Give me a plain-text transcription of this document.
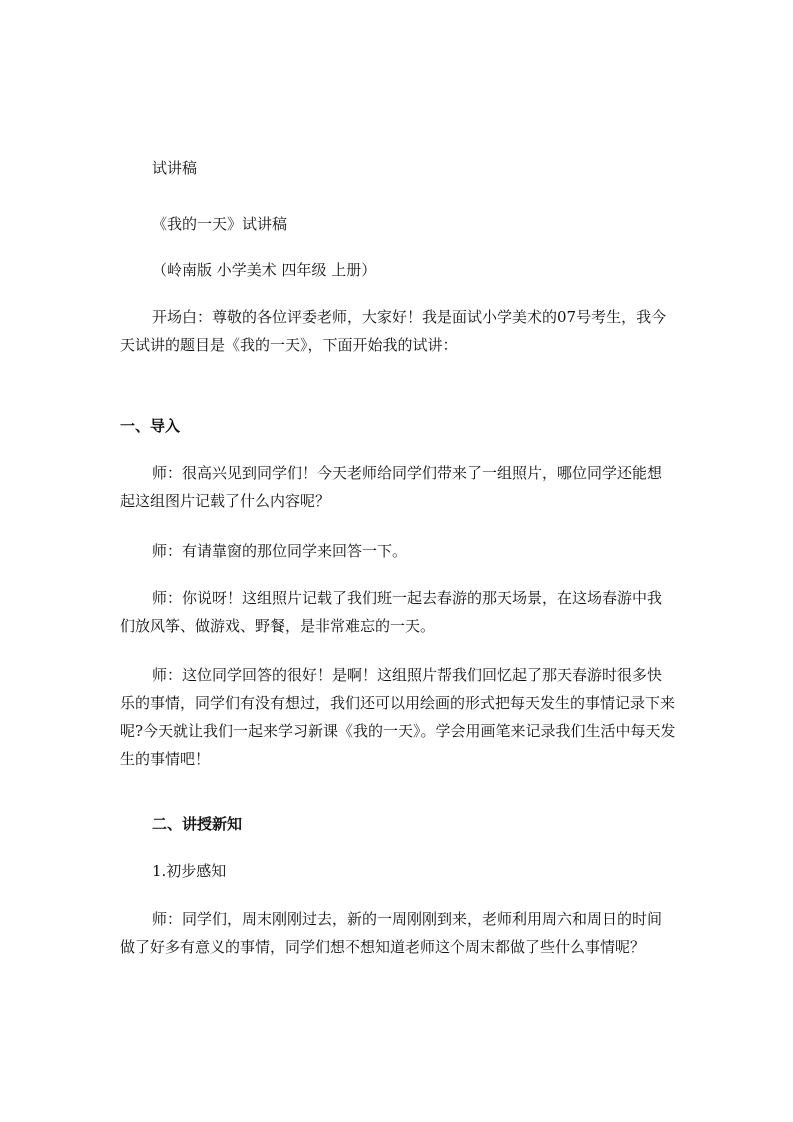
试讲稿

《我的一天》试讲稿

（岭南版 小学美术 四年级 上册）

开场白：尊敬的各位评委老师，大家好！我是面试小学美术的07号考生，我今天试讲的题目是《我的一天》，下面开始我的试讲：

一、导入

师：很高兴见到同学们！今天老师给同学们带来了一组照片，哪位同学还能想起这组图片记载了什么内容呢？

师：有请靠窗的那位同学来回答一下。

师：你说呀！这组照片记载了我们班一起去春游的那天场景，在这场春游中我们放风筝、做游戏、野餐，是非常难忘的一天。

师：这位同学回答的很好！是啊！这组照片帮我们回忆起了那天春游时很多快乐的事情，同学们有没有想过，我们还可以用绘画的形式把每天发生的事情记录下来呢?今天就让我们一起来学习新课《我的一天》。学会用画笔来记录我们生活中每天发生的事情吧！

二、讲授新知

1.初步感知

师：同学们，周末刚刚过去，新的一周刚刚到来，老师利用周六和周日的时间做了好多有意义的事情，同学们想不想知道老师这个周末都做了些什么事情呢？
